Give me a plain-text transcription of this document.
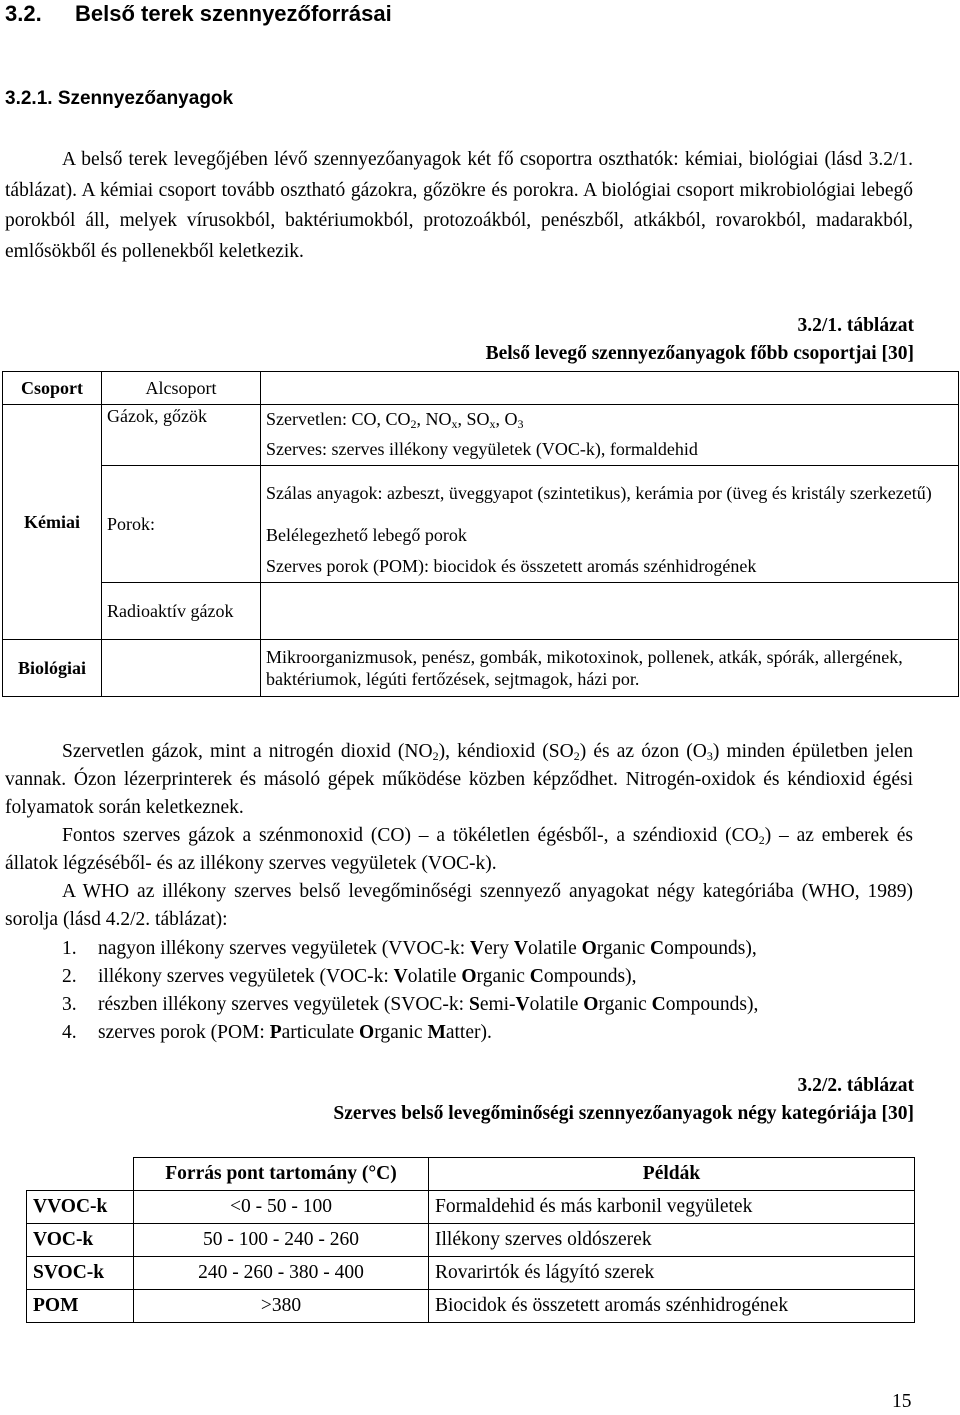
3.2. Belső terek szennyezőforrásai
3.2.1. Szennyezőanyagok

A belső terek levegőjében lévő szennyezőanyagok két fő csoportra oszthatók: kémiai, biológiai (lásd 3.2/1. táblázat). A kémiai csoport tovább osztható gázokra, gőzökre és porokra. A biológiai csoport mikrobiológiai lebegő porokból áll, melyek vírusokból, baktériumokból, protozoákból, penészből, atkákból, rovarokból, madarakból, emlősökből és pollenekből keletkezik.

3.2/1. táblázat
Belső levegő szennyezőanyagok főbb csoportjai [30]
Csoport	Alcsoport	
Kémiai	Gázok, gőzök	Szervetlen: CO, $CO_2$, $NO_x$, $SO_x$, $O_3$
		Szerves: szerves illékony vegyületek (VOC-k), formaldehid
	Porok:	Szálas anyagok: azbeszt, üveggyapot (szintetikus), kerámia por (üveg és kristály szerkezetű)
		Belélegezhető lebegő porok
		Szerves porok (POM): biocidok és összetett aromás szénhidrogének
	Radioaktív gázok	

Biológiai		Mikroorganizmusok, penész, gombák, mikotoxinok, pollenek, atkák, spórák, allergének, baktériumok, légúti fertőzések, sejtmagok, házi por.

Szervetlen gázok, mint a nitrogén dioxid $(NO_2)$, kéndioxid $(SO_2)$ és az ózon $(O_3)$ minden épületben jelen vannak. Ózon lézerprinterek és másoló gépek működése közben képződhet. Nitrogén-oxidok és kéndioxid égési folyamatok során keletkeznek.

Fontos szerves gázok a szénmonoxid (CO) – a tökéletlen égésből-, a széndioxid $(CO_2)$ – az emberek és állatok légzéséből- és az illékony szerves vegyületek (VOC-k).

A WHO az illékony szerves belső levegőminőségi szennyező anyagokat négy kategóriába (WHO, 1989) sorolja (lásd 4.2/2. táblázat):

1. nagyon illékony szerves vegyületek (VVOC-k: Very Volatile Organic Compounds),
2. illékony szerves vegyületek (VOC-k: Volatile Organic Compounds),
3. részben illékony szerves vegyületek (SVOC-k: Semi-Volatile Organic Compounds),
4. szerves porok (POM: Particulate Organic Matter).
3.2/2. táblázat
Szerves belső levegőminőségi szennyezőanyagok négy kategóriája [30]
	Forrás pont tartomány (°C)	Példák
VVOC-k	<0 - 50 - 100	Formaldehid és más karbonil vegyületek
VOC-k	50 - 100 - 240 - 260	Illékony szerves oldószerek
SVOC-k	240 - 260 - 380 - 400	Rovarirtók és lágyító szerek
POM	>380	Biocidok és összetett aromás szénhidrogének
15
